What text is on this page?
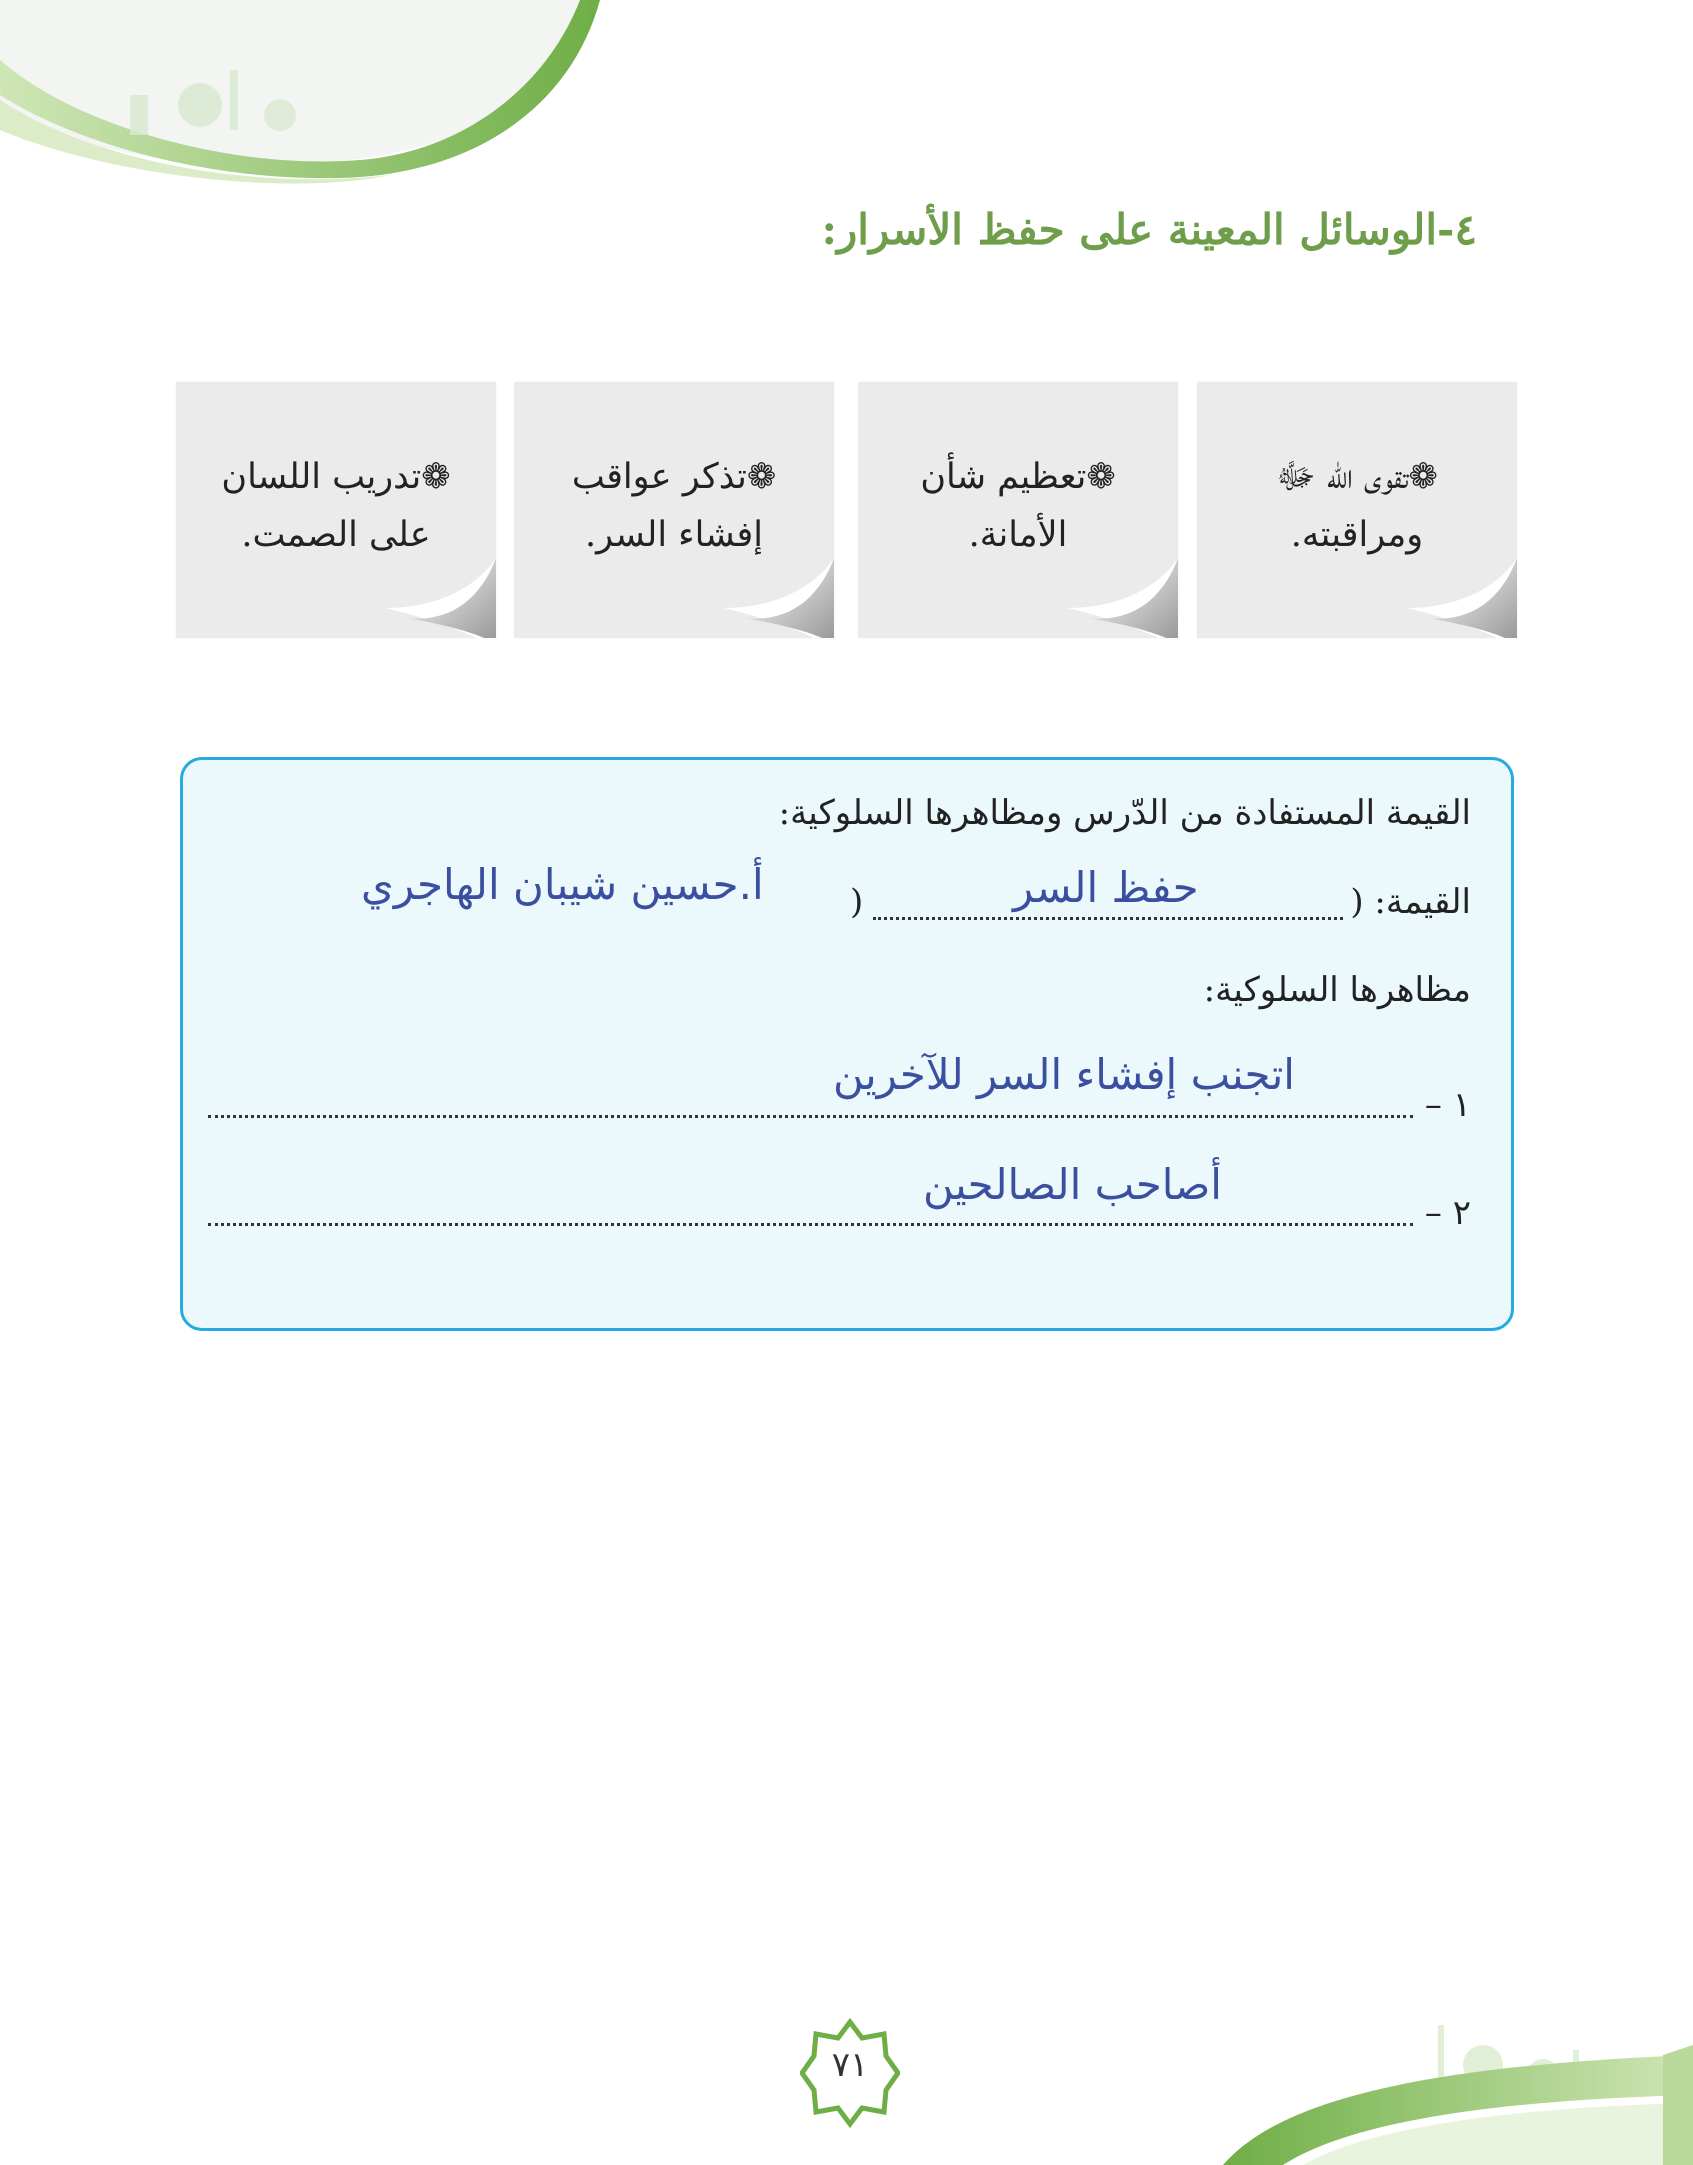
٤-الوسائل المعينة على حفظ الأسرار:
❁تقوى الله ﷻ
ومراقبته.
❁تعظيم شأن
الأمانة.
❁تذكر عواقب
إفشاء السر.
❁تدريب اللسان
على الصمت.
القيمة المستفادة من الدّرس ومظاهرها السلوكية:
القيمة: (
حفظ السر
)
أ.حسين شيبان الهاجري
مظاهرها السلوكية:
١ –
اتجنب إفشاء السر للآخرين
٢ –
أصاحب الصالحين
٧١
